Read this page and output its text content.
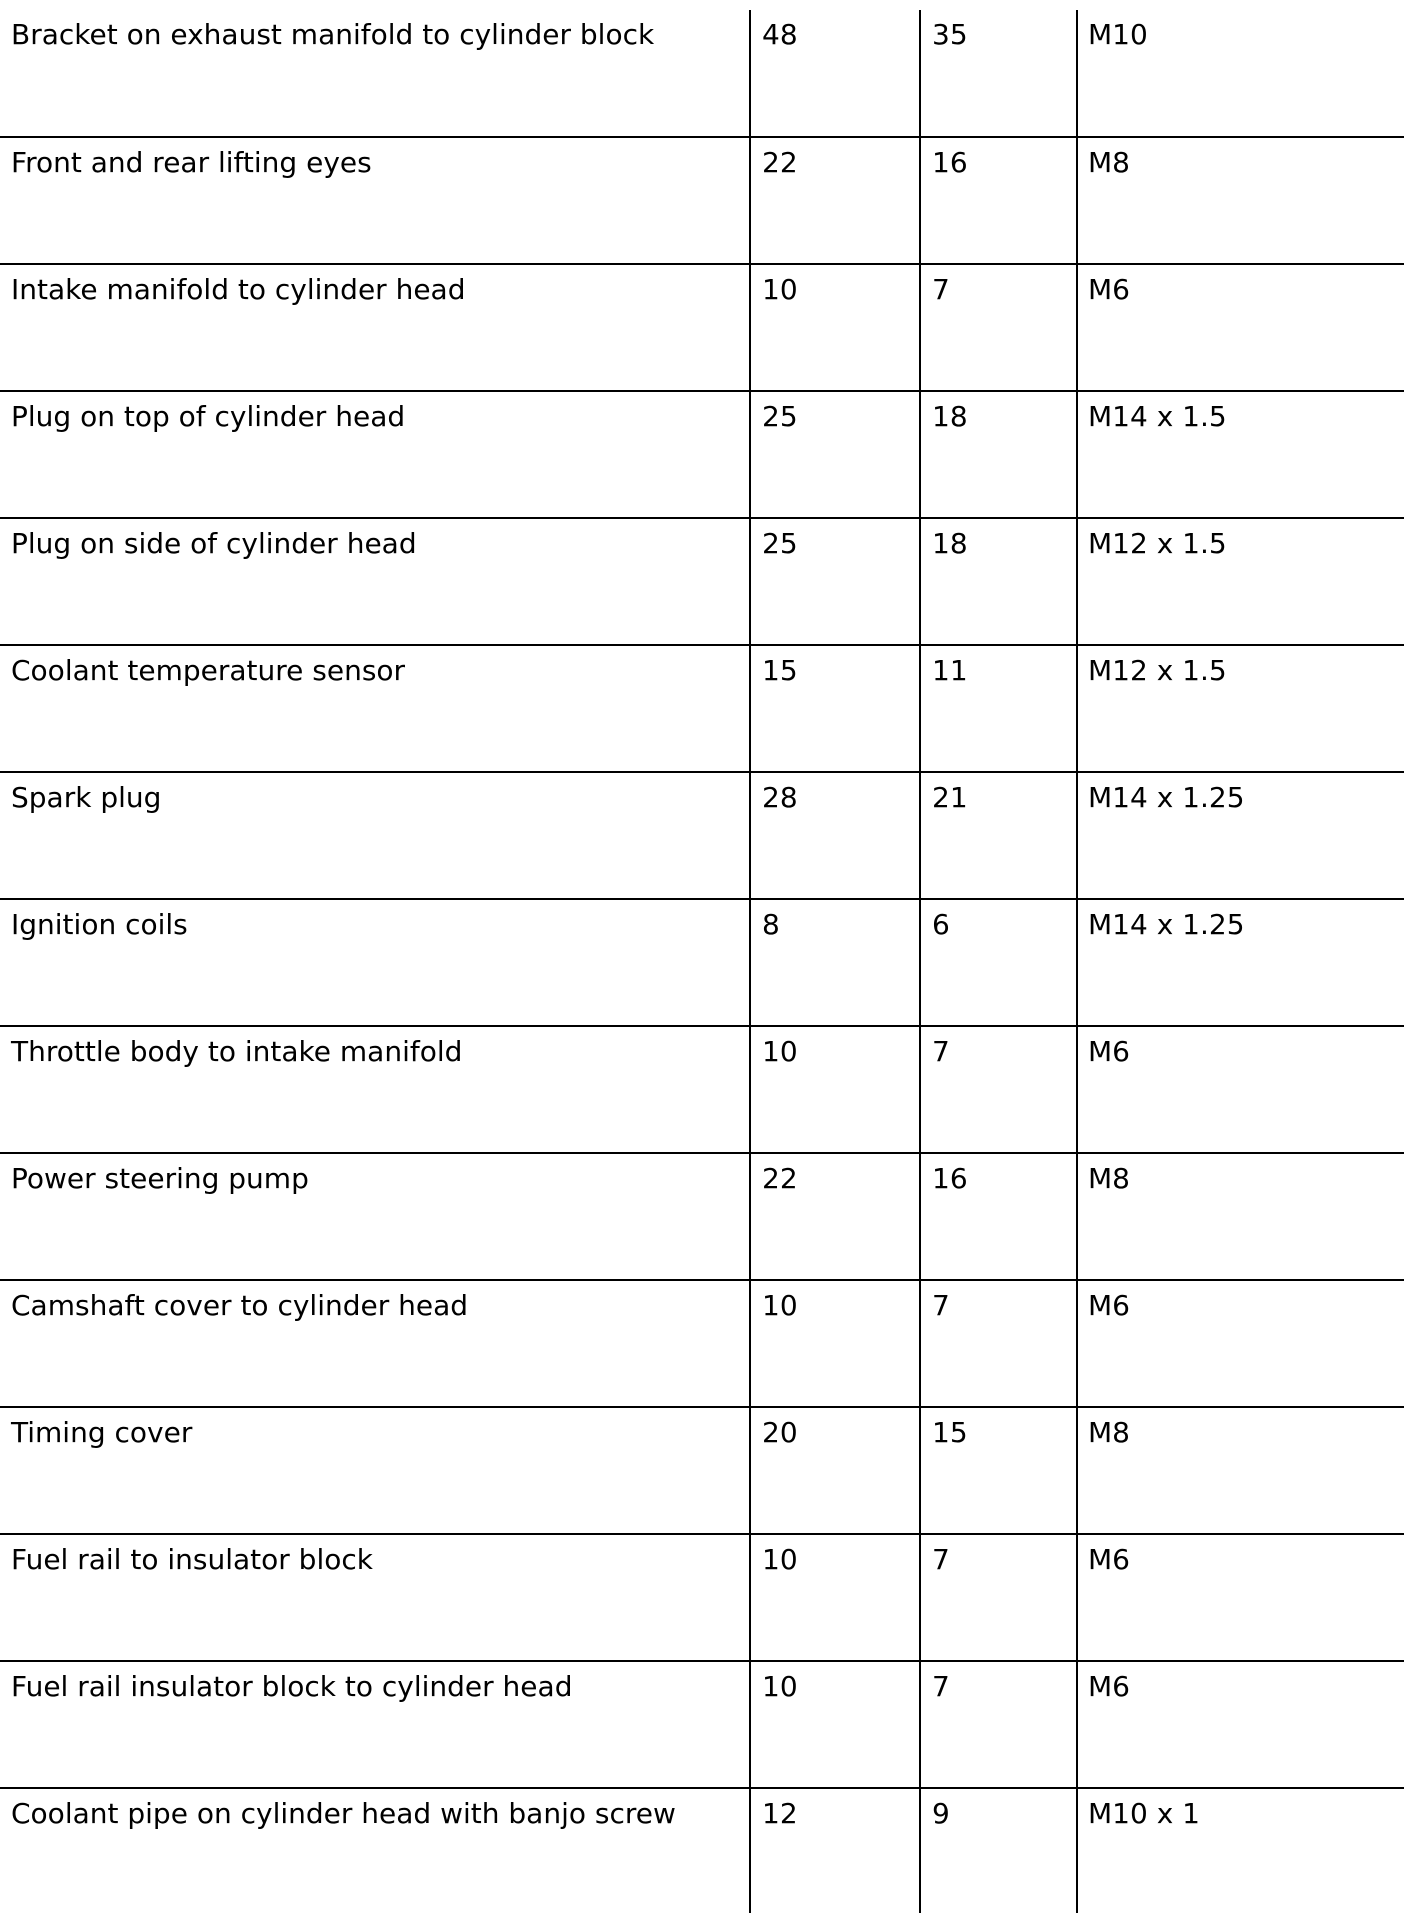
Bracket on exhaust manifold to cylinder block	48	35	M10
Front and rear lifting eyes	22	16	M8
Intake manifold to cylinder head	10	7	M6
Plug on top of cylinder head	25	18	M14 x 1.5
Plug on side of cylinder head	25	18	M12 x 1.5
Coolant temperature sensor	15	11	M12 x 1.5
Spark plug	28	21	M14 x 1.25
Ignition coils	8	6	M14 x 1.25
Throttle body to intake manifold	10	7	M6
Power steering pump	22	16	M8
Camshaft cover to cylinder head	10	7	M6
Timing cover	20	15	M8
Fuel rail to insulator block	10	7	M6
Fuel rail insulator block to cylinder head	10	7	M6
Coolant pipe on cylinder head with banjo screw	12	9	M10 x 1
